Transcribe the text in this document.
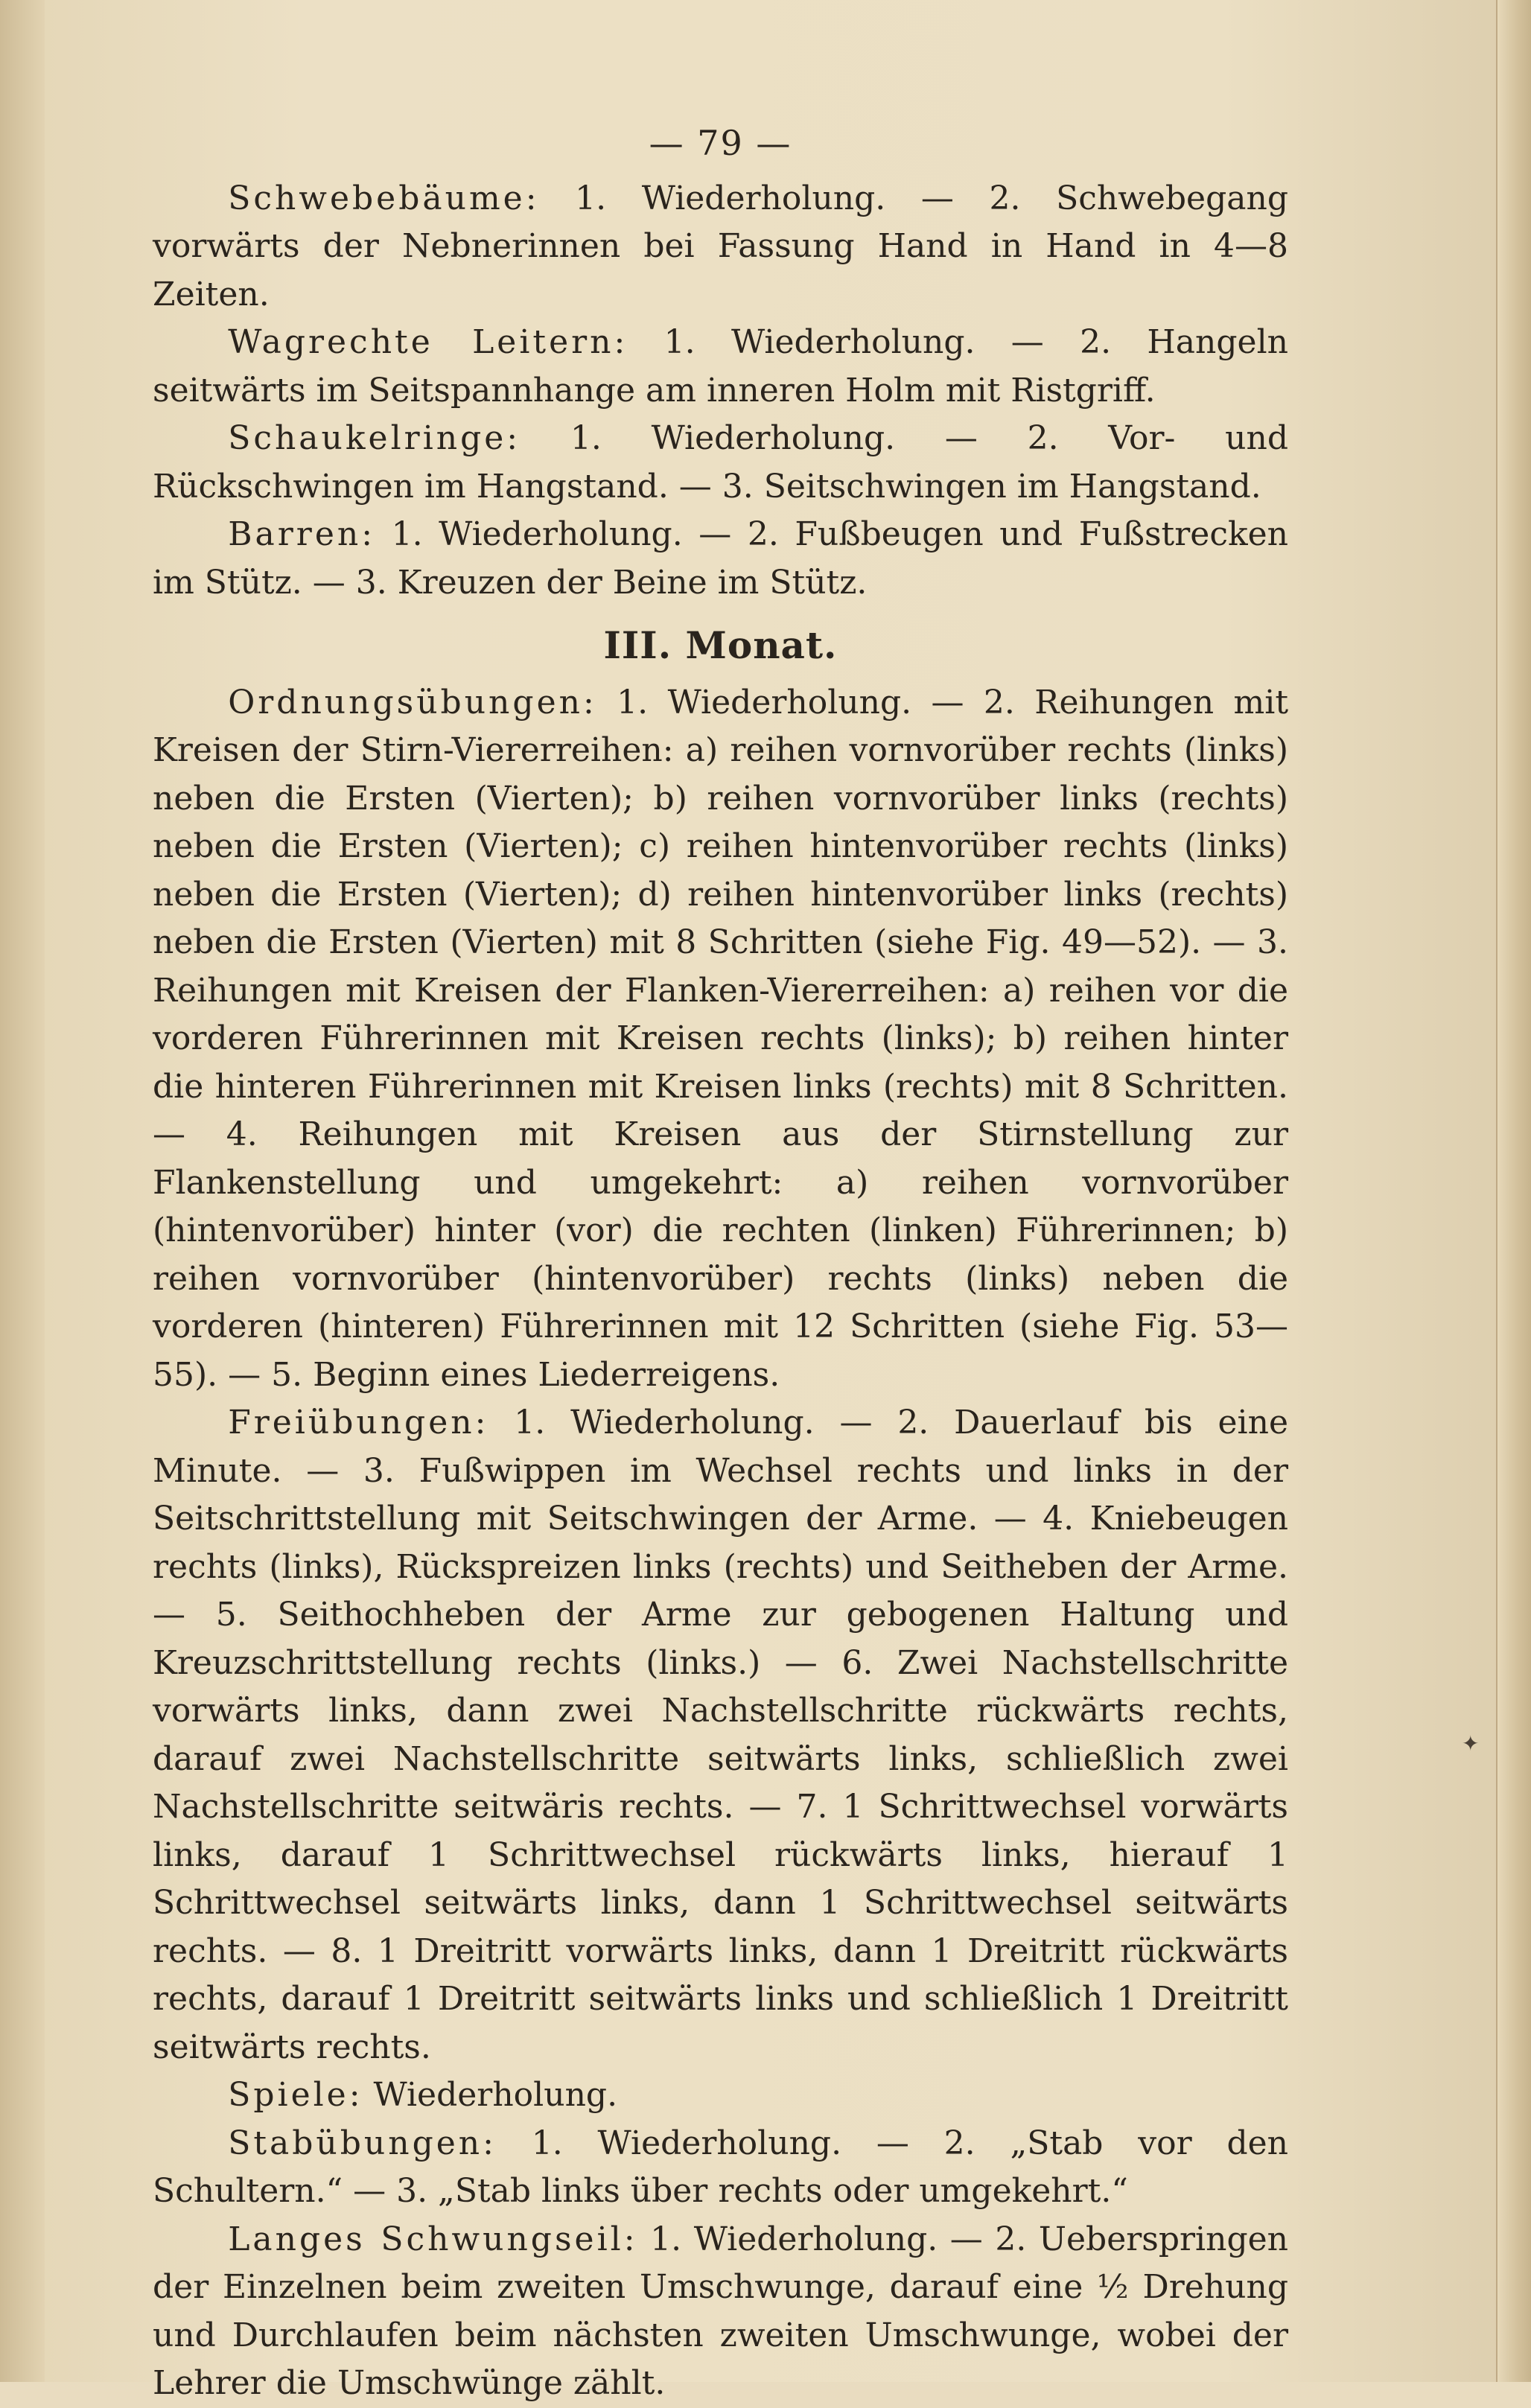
— 79 —

Schwebebäume: 1. Wiederholung. — 2. Schwebegang vorwärts der Nebnerinnen bei Fassung Hand in Hand in 4—8 Zeiten.

Wagrechte Leitern: 1. Wiederholung. — 2. Hangeln seitwärts im Seitspannhange am inneren Holm mit Ristgriff.

Schaukelringe: 1. Wiederholung. — 2. Vor- und Rückschwingen im Hangstand. — 3. Seitschwingen im Hangstand.

Barren: 1. Wiederholung. — 2. Fußbeugen und Fußstrecken im Stütz. — 3. Kreuzen der Beine im Stütz.

III. Monat.

Ordnungsübungen: 1. Wiederholung. — 2. Reihungen mit Kreisen der Stirn-Viererreihen: a) reihen vornvorüber rechts (links) neben die Ersten (Vierten); b) reihen vornvorüber links (rechts) neben die Ersten (Vierten); c) reihen hintenvorüber rechts (links) neben die Ersten (Vierten); d) reihen hintenvorüber links (rechts) neben die Ersten (Vierten) mit 8 Schritten (siehe Fig. 49—52). — 3. Reihungen mit Kreisen der Flanken-Viererreihen: a) reihen vor die vorderen Führerinnen mit Kreisen rechts (links); b) reihen hinter die hinteren Führerinnen mit Kreisen links (rechts) mit 8 Schritten. — 4. Reihungen mit Kreisen aus der Stirnstellung zur Flankenstellung und umgekehrt: a) reihen vornvorüber (hintenvorüber) hinter (vor) die rechten (linken) Führerinnen; b) reihen vornvorüber (hintenvorüber) rechts (links) neben die vorderen (hinteren) Führerinnen mit 12 Schritten (siehe Fig. 53—55). — 5. Beginn eines Liederreigens.

Freiübungen: 1. Wiederholung. — 2. Dauerlauf bis eine Minute. — 3. Fußwippen im Wechsel rechts und links in der Seitschrittstellung mit Seitschwingen der Arme. — 4. Kniebeugen rechts (links), Rückspreizen links (rechts) und Seitheben der Arme. — 5. Seithochheben der Arme zur gebogenen Haltung und Kreuzschrittstellung rechts (links.) — 6. Zwei Nachstellschritte vorwärts links, dann zwei Nachstellschritte rückwärts rechts, darauf zwei Nachstellschritte seitwärts links, schließlich zwei Nachstellschritte seitwäris rechts. — 7. 1 Schrittwechsel vorwärts links, darauf 1 Schrittwechsel rückwärts links, hierauf 1 Schrittwechsel seitwärts links, dann 1 Schrittwechsel seitwärts rechts. — 8. 1 Dreitritt vorwärts links, dann 1 Dreitritt rückwärts rechts, darauf 1 Dreitritt seitwärts links und schließlich 1 Dreitritt seitwärts rechts.

Spiele: Wiederholung.

Stabübungen: 1. Wiederholung. — 2. „Stab vor den Schultern.“ — 3. „Stab links über rechts oder umgekehrt.“

Langes Schwungseil: 1. Wiederholung. — 2. Ueberspringen der Einzelnen beim zweiten Umschwunge, darauf eine ½ Drehung und Durchlaufen beim nächsten zweiten Umschwunge, wobei der Lehrer die Umschwünge zählt.

✦
